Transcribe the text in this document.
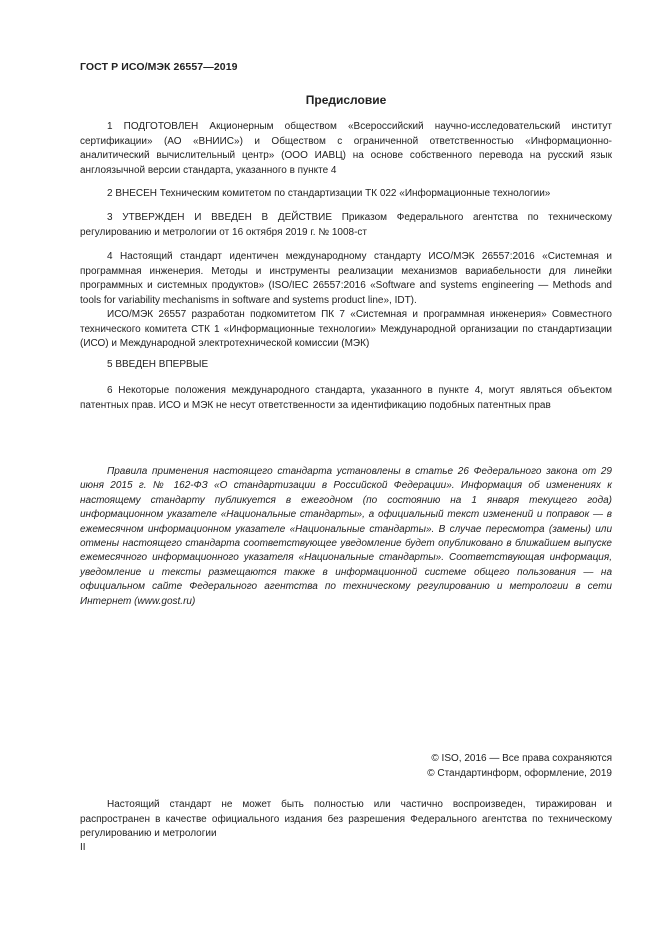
ГОСТ Р ИСО/МЭК 26557—2019
Предисловие

1 ПОДГОТОВЛЕН Акционерным обществом «Всероссийский научно-исследовательский институт сертификации» (АО «ВНИИС») и Обществом с ограниченной ответственностью «Информационно-аналитический вычислительный центр» (ООО ИАВЦ) на основе собственного перевода на русский язык англоязычной версии стандарта, указанного в пункте 4

2 ВНЕСЕН Техническим комитетом по стандартизации ТК 022 «Информационные технологии»

3 УТВЕРЖДЕН И ВВЕДЕН В ДЕЙСТВИЕ Приказом Федерального агентства по техническому регулированию и метрологии от 16 октября 2019 г. № 1008-ст

4 Настоящий стандарт идентичен международному стандарту ИСО/МЭК 26557:2016 «Системная и программная инженерия. Методы и инструменты реализации механизмов вариабельности для линейки программных и системных продуктов» (ISO/IEC 26557:2016 «Software and systems engineering — Methods and tools for variability mechanisms in software and systems product line», IDT).

ИСО/МЭК 26557 разработан подкомитетом ПК 7 «Системная и программная инженерия» Совместного технического комитета СТК 1 «Информационные технологии» Международной организации по стандартизации (ИСО) и Международной электротехнической комиссии (МЭК)

5 ВВЕДЕН ВПЕРВЫЕ

6 Некоторые положения международного стандарта, указанного в пункте 4, могут являться объектом патентных прав. ИСО и МЭК не несут ответственности за идентификацию подобных патентных прав

Правила применения настоящего стандарта установлены в статье 26 Федерального закона от 29 июня 2015 г. № 162-ФЗ «О стандартизации в Российской Федерации». Информация об изменениях к настоящему стандарту публикуется в ежегодном (по состоянию на 1 января текущего года) информационном указателе «Национальные стандарты», а официальный текст изменений и поправок — в ежемесячном информационном указателе «Национальные стандарты». В случае пересмотра (замены) или отмены настоящего стандарта соответствующее уведомление будет опубликовано в ближайшем выпуске ежемесячного информационного указателя «Национальные стандарты». Соответствующая информация, уведомление и тексты размещаются также в информационной системе общего пользования — на официальном сайте Федерального агентства по техническому регулированию и метрологии в сети Интернет (www.gost.ru)

© ISO, 2016 — Все права сохраняются
© Стандартинформ, оформление, 2019

Настоящий стандарт не может быть полностью или частично воспроизведен, тиражирован и распространен в качестве официального издания без разрешения Федерального агентства по техническому регулированию и метрологии

II
